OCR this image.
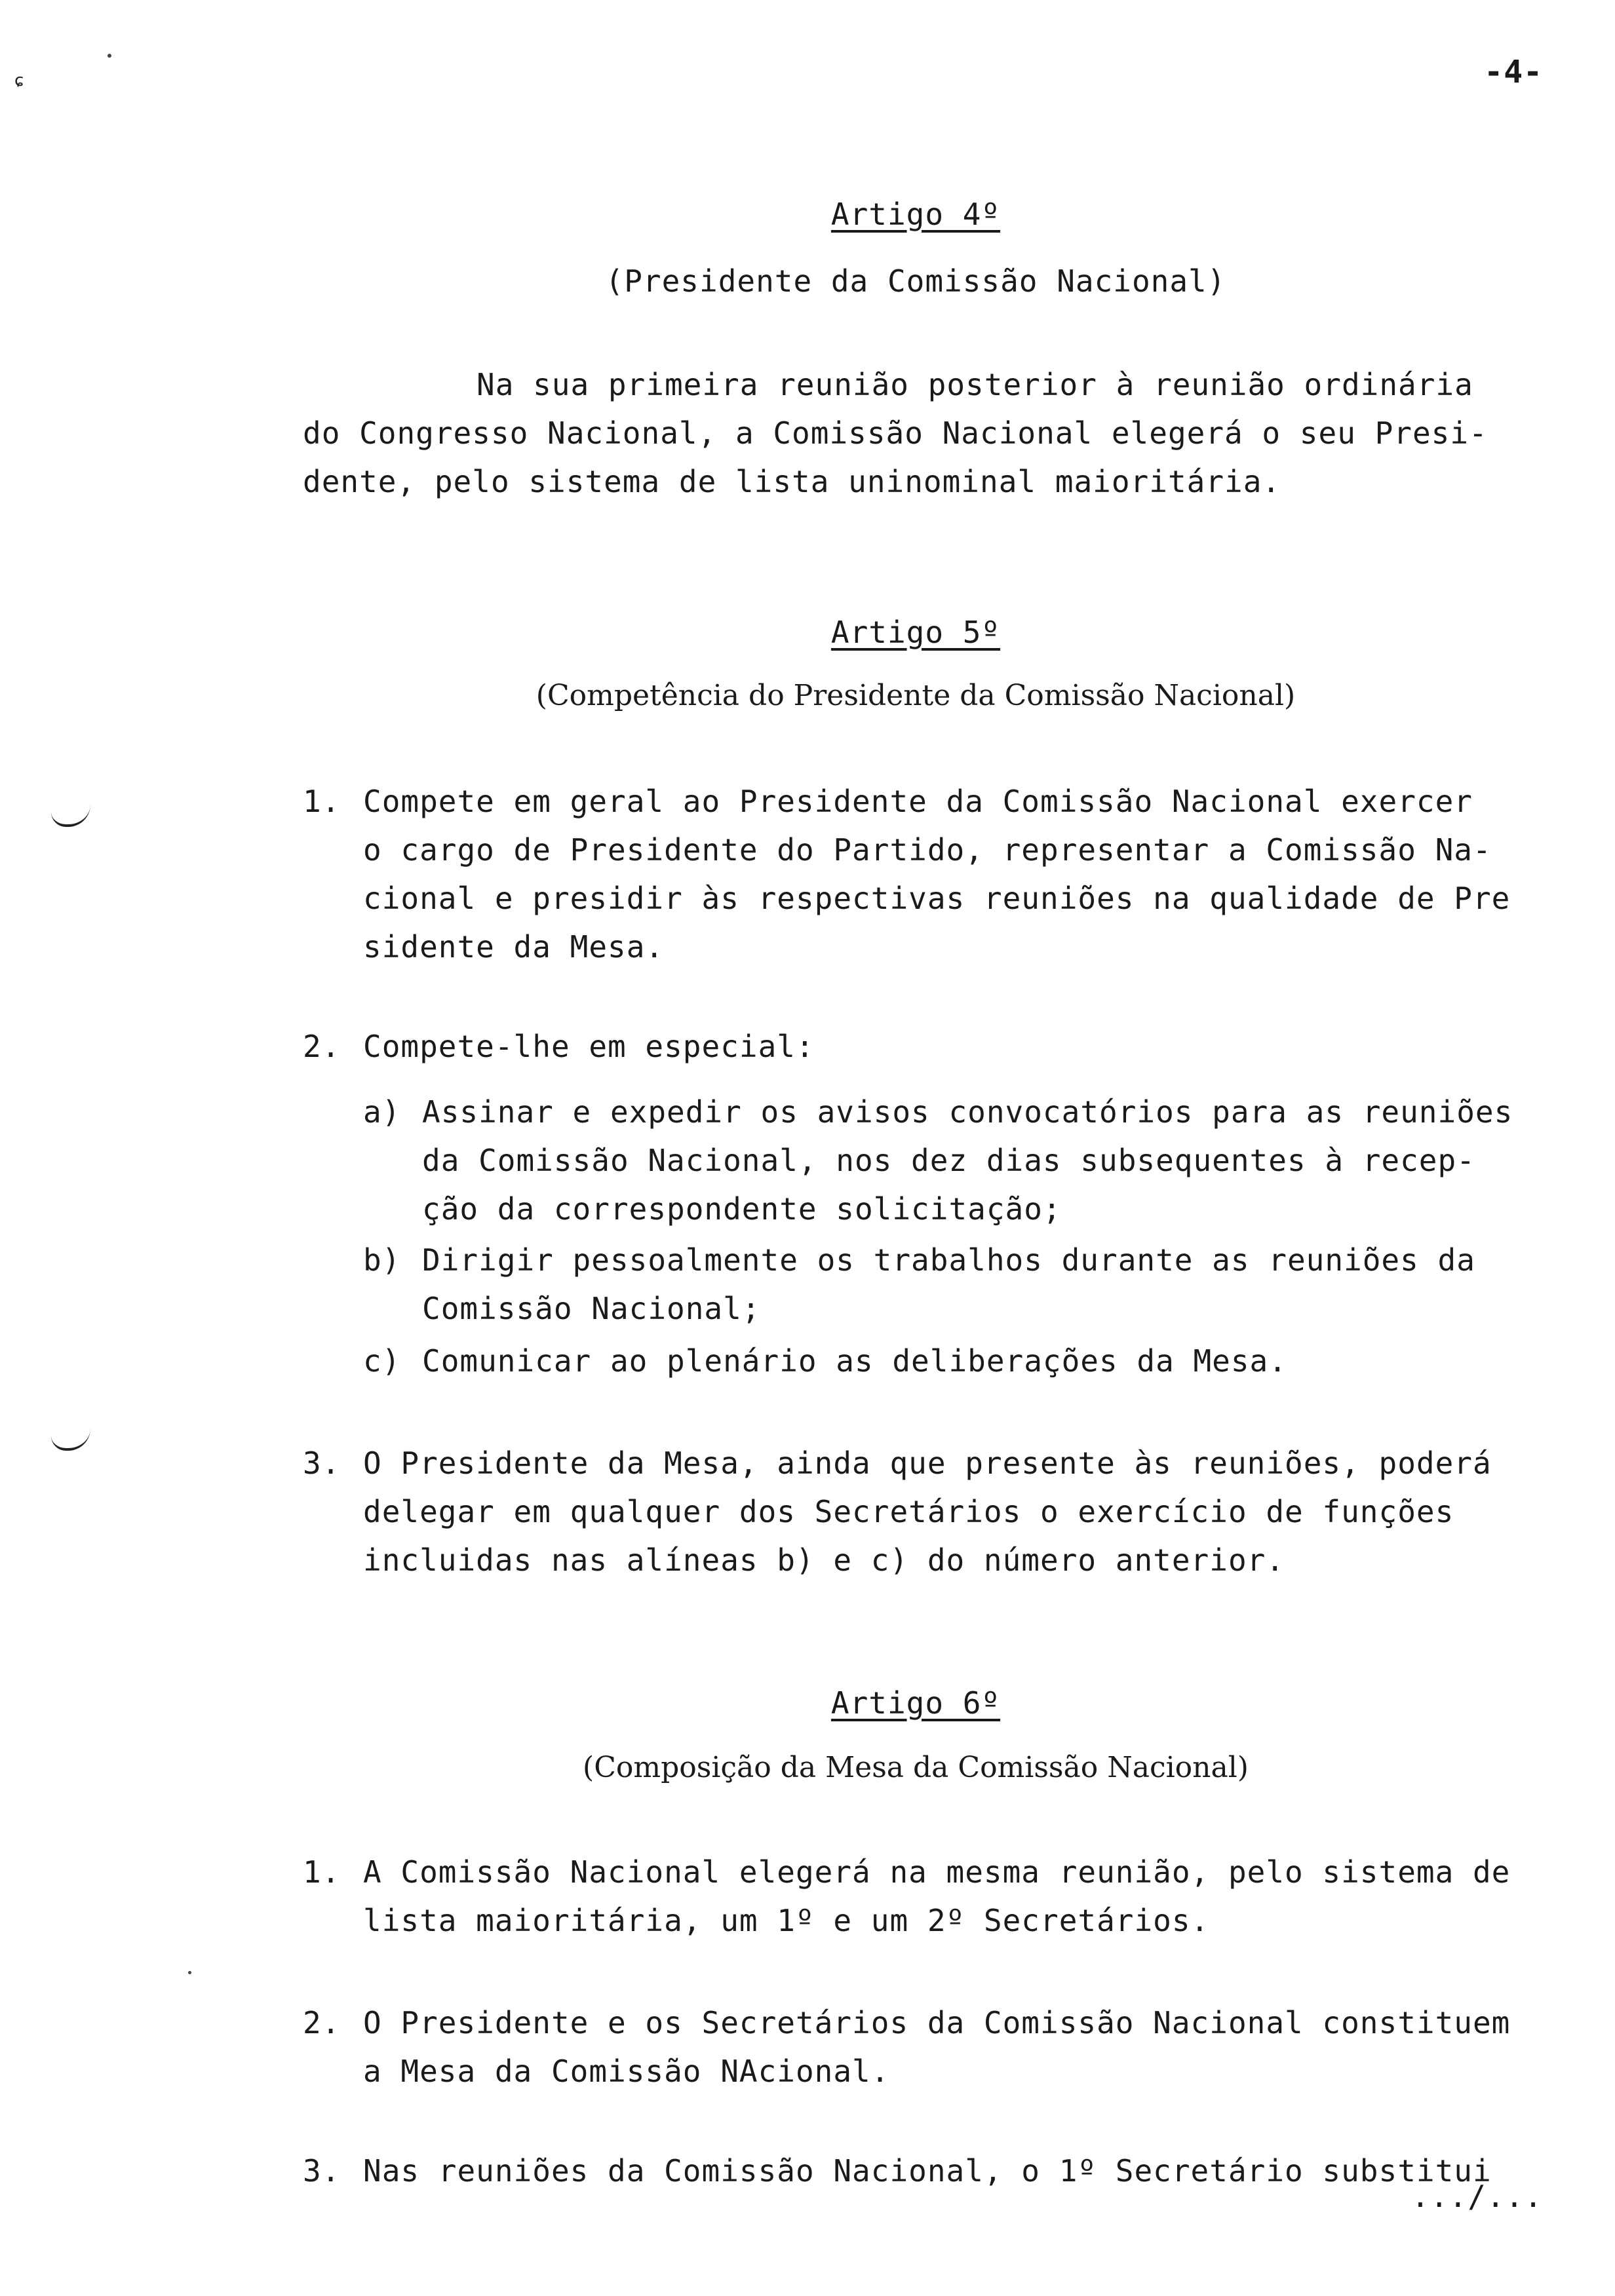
ɕ	-4-
Artigo 4º
(Presidente da Comissão Nacional)
Na sua primeira reunião posterior à reunião ordinária
do Congresso Nacional, a Comissão Nacional elegerá o seu Presi-
dente, pelo sistema de lista uninominal maioritária.
Artigo 5º
(Competência do Presidente da Comissão Nacional)
1. Compete em geral ao Presidente da Comissão Nacional exercer
o cargo de Presidente do Partido, representar a Comissão Na-
cional e presidir às respectivas reuniões na qualidade de Pre
sidente da Mesa.
2. Compete-lhe em especial:
a) Assinar e expedir os avisos convocatórios para as reuniões
da Comissão Nacional, nos dez dias subsequentes à recep-
ção da correspondente solicitação;
b) Dirigir pessoalmente os trabalhos durante as reuniões da
Comissão Nacional;
c) Comunicar ao plenário as deliberações da Mesa.
3. O Presidente da Mesa, ainda que presente às reuniões, poderá
delegar em qualquer dos Secretários o exercício de funções
incluidas nas alíneas b) e c) do número anterior.
Artigo 6º
(Composição da Mesa da Comissão Nacional)
1. A Comissão Nacional elegerá na mesma reunião, pelo sistema de
lista maioritária, um 1º e um 2º Secretários.
2. O Presidente e os Secretários da Comissão Nacional constituem
a Mesa da Comissão NAcional.
3. Nas reuniões da Comissão Nacional, o 1º Secretário substitui
.../...
